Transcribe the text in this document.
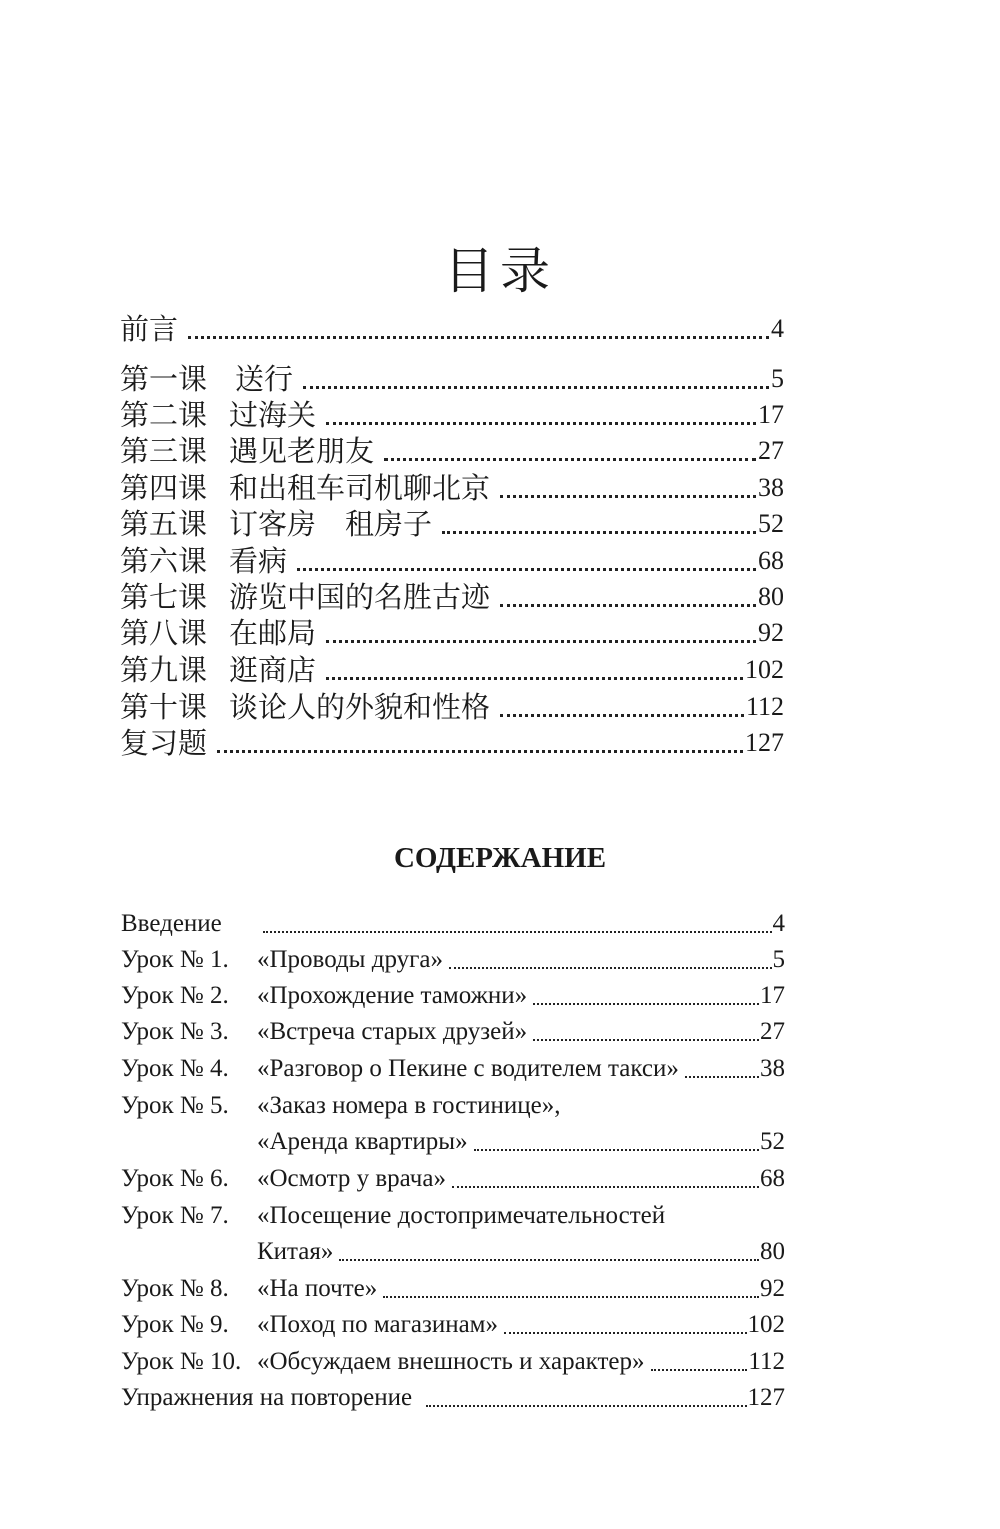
目录
前言	4
第一课 送行	5
第二课 过海关	17
第三课 遇见老朋友	27
第四课 和出租车司机聊北京	38
第五课 订客房　租房子	52
第六课 看病	68
第七课 游览中国的名胜古迹	80
第八课 在邮局	92
第九课 逛商店	102
第十课 谈论人的外貌和性格	112
复习题	127
СОДЕРЖАНИЕ
Введение	4
Урок № 1.	«Проводы друга»	5
Урок № 2.	«Прохождение таможни»	17
Урок № 3.	«Встреча старых друзей»	27
Урок № 4.	«Разговор о Пекине с водителем такси»	38
Урок № 5. «Заказ номера в гостинице»,
«Аренда квартиры»	52
Урок № 6.	«Осмотр у врача»	68
Урок № 7. «Посещение достопримечательностей
Китая»	80
Урок № 8.	«На почте»	92
Урок № 9.	«Поход по магазинам»	102
Урок № 10. «Обсуждаем внешность и характер»	112
Упражнения на повторение	127
